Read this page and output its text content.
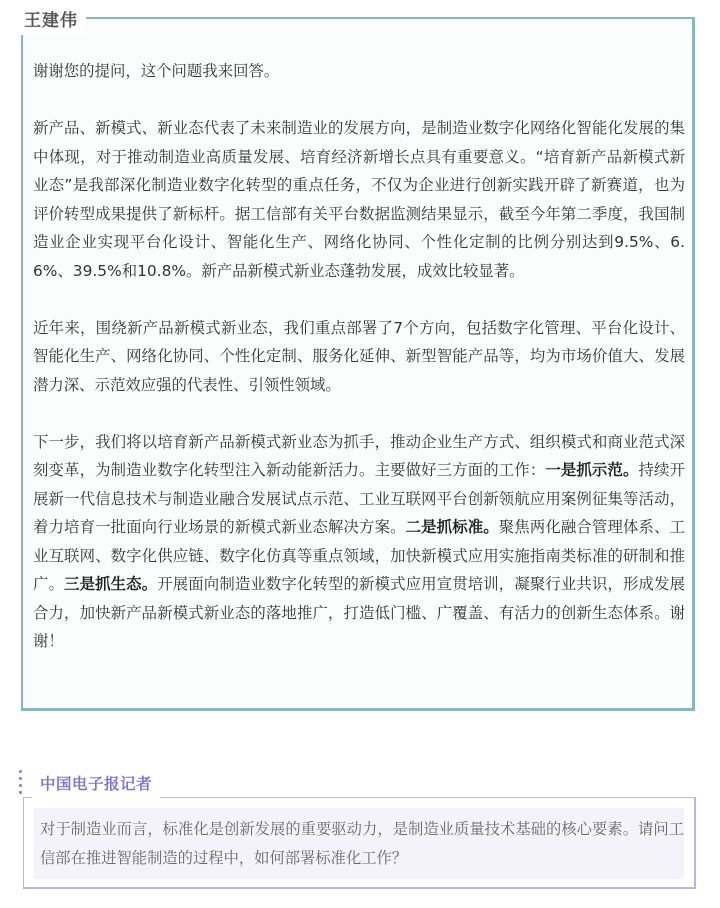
王建伟

谢谢您的提问，这个问题我来回答。

新产品、新模式、新业态代表了未来制造业的发展方向，是制造业数字化网络化智能化发展的集中体现，对于推动制造业高质量发展、培育经济新增长点具有重要意义。“培育新产品新模式新业态”是我部深化制造业数字化转型的重点任务，不仅为企业进行创新实践开辟了新赛道，也为评价转型成果提供了新标杆。据工信部有关平台数据监测结果显示，截至今年第二季度，我国制造业企业实现平台化设计、智能化生产、网络化协同、个性化定制的比例分别达到9.5%、6.6%、39.5%和10.8%。新产品新模式新业态蓬勃发展，成效比较显著。

近年来，围绕新产品新模式新业态，我们重点部署了7个方向，包括数字化管理、平台化设计、智能化生产、网络化协同、个性化定制、服务化延伸、新型智能产品等，均为市场价值大、发展潜力深、示范效应强的代表性、引领性领域。

下一步，我们将以培育新产品新模式新业态为抓手，推动企业生产方式、组织模式和商业范式深刻变革，为制造业数字化转型注入新动能新活力。主要做好三方面的工作：一是抓示范。持续开展新一代信息技术与制造业融合发展试点示范、工业互联网平台创新领航应用案例征集等活动，着力培育一批面向行业场景的新模式新业态解决方案。二是抓标准。聚焦两化融合管理体系、工业互联网、数字化供应链、数字化仿真等重点领域，加快新模式应用实施指南类标准的研制和推广。三是抓生态。开展面向制造业数字化转型的新模式应用宣贯培训，凝聚行业共识，形成发展合力，加快新产品新模式新业态的落地推广，打造低门槛、广覆盖、有活力的创新生态体系。谢谢！

中国电子报记者

对于制造业而言，标准化是创新发展的重要驱动力，是制造业质量技术基础的核心要素。请问工信部在推进智能制造的过程中，如何部署标准化工作？
